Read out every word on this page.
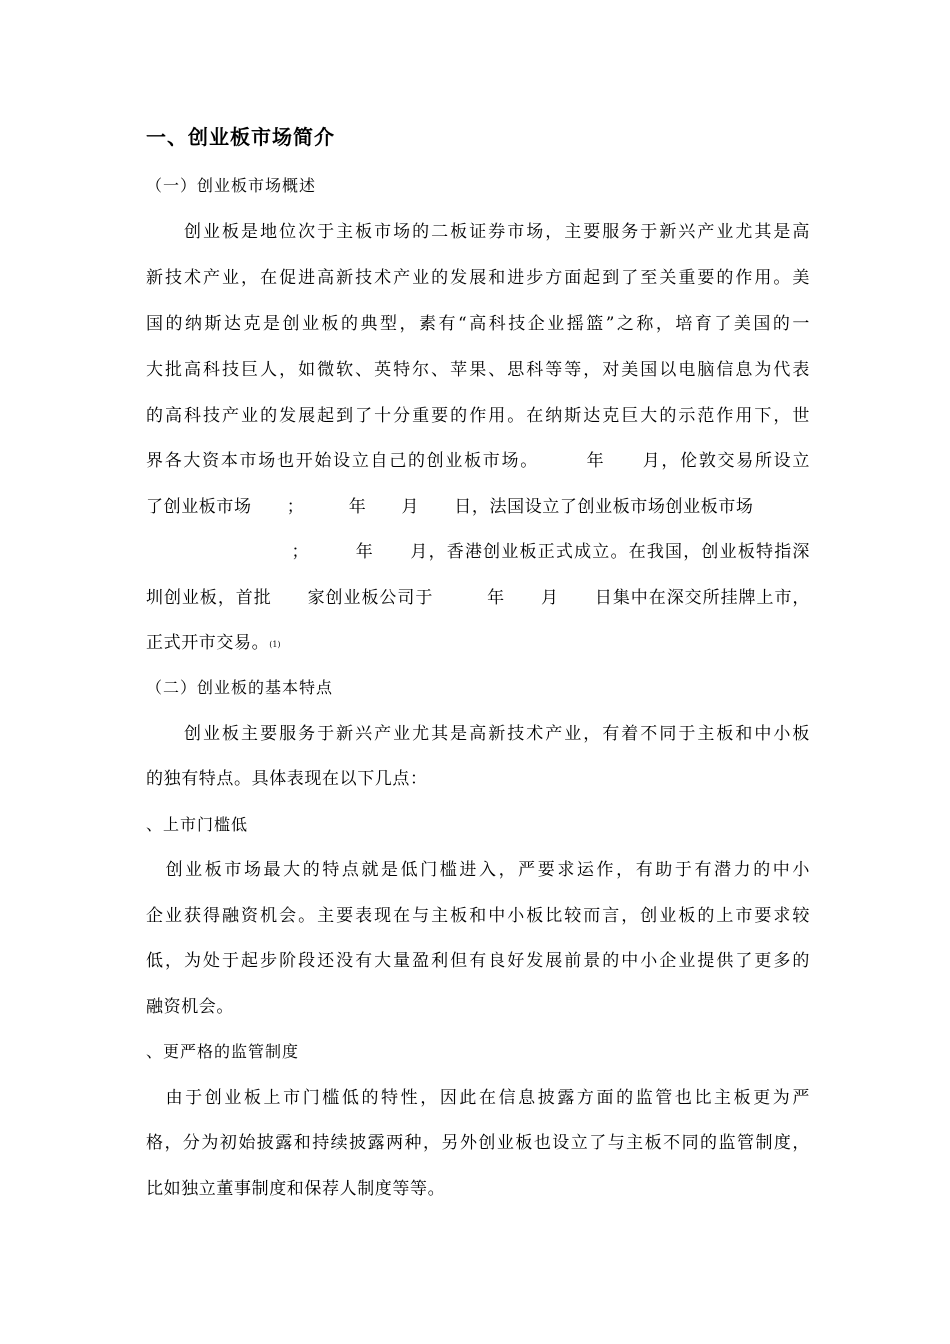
一、创业板市场简介
（一）创业板市场概述
　　创业板是地位次于主板市场的二板证券市场，主要服务于新兴产业尤其是高
新技术产业，在促进高新技术产业的发展和进步方面起到了至关重要的作用。美
国的纳斯达克是创业板的典型，素有“高科技企业摇篮”之称，培育了美国的一
大批高科技巨人，如微软、英特尔、苹果、思科等等，对美国以电脑信息为代表
的高科技产业的发展起到了十分重要的作用。在纳斯达克巨大的示范作用下，世
界各大资本市场也开始设立自己的创业板市场。　　　年　　月，伦敦交易所设立
了创业板市场　　；　　　年　　月　　日，法国设立了创业板市场创业板市场
　　　　　　　　；　　　年　　月，香港创业板正式成立。在我国，创业板特指深
圳创业板，首批　　家创业板公司于　　　年　　月　　日集中在深交所挂牌上市，
正式开市交易。(1)
（二）创业板的基本特点
　　创业板主要服务于新兴产业尤其是高新技术产业，有着不同于主板和中小板
的独有特点。具体表现在以下几点：
、上市门槛低
　创业板市场最大的特点就是低门槛进入，严要求运作，有助于有潜力的中小
企业获得融资机会。主要表现在与主板和中小板比较而言，创业板的上市要求较
低，为处于起步阶段还没有大量盈利但有良好发展前景的中小企业提供了更多的
融资机会。
、更严格的监管制度
　由于创业板上市门槛低的特性，因此在信息披露方面的监管也比主板更为严
格，分为初始披露和持续披露两种，另外创业板也设立了与主板不同的监管制度，
比如独立董事制度和保荐人制度等等。
